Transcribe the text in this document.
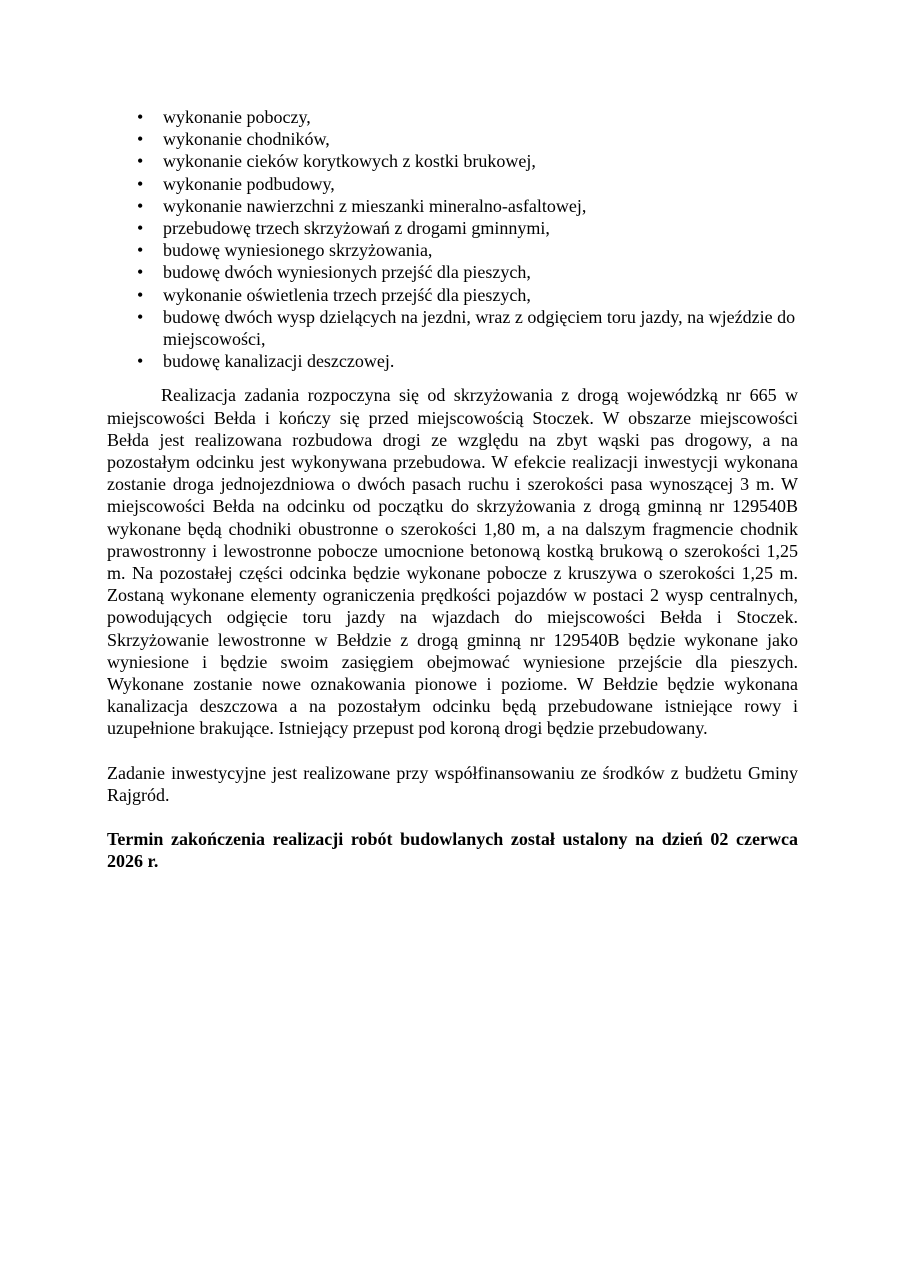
• wykonanie poboczy,
• wykonanie chodników,
• wykonanie cieków korytkowych z kostki brukowej,
• wykonanie podbudowy,
• wykonanie nawierzchni z mieszanki mineralno-asfaltowej,
• przebudowę trzech skrzyżowań z drogami gminnymi,
• budowę wyniesionego skrzyżowania,
• budowę dwóch wyniesionych przejść dla pieszych,
• wykonanie oświetlenia trzech przejść dla pieszych,
• budowę dwóch wysp dzielących na jezdni, wraz z odgięciem toru jazdy, na wjeździe do miejscowości,
• budowę kanalizacji deszczowej.

Realizacja zadania rozpoczyna się od skrzyżowania z drogą wojewódzką nr 665 w miejscowości Bełda i kończy się przed miejscowością Stoczek. W obszarze miejscowości Bełda jest realizowana rozbudowa drogi ze względu na zbyt wąski pas drogowy, a na pozostałym odcinku jest wykonywana przebudowa. W efekcie realizacji inwestycji wykonana zostanie droga jednojezdniowa o dwóch pasach ruchu i szerokości pasa wynoszącej 3 m. W miejscowości Bełda na odcinku od początku do skrzyżowania z drogą gminną nr 129540B wykonane będą chodniki obustronne o szerokości 1,80 m, a na dalszym fragmencie chodnik prawostronny i lewostronne pobocze umocnione betonową kostką brukową o szerokości 1,25 m. Na pozostałej części odcinka będzie wykonane pobocze z kruszywa o szerokości 1,25 m. Zostaną wykonane elementy ograniczenia prędkości pojazdów w postaci 2 wysp centralnych, powodujących odgięcie toru jazdy na wjazdach do miejscowości Bełda i Stoczek. Skrzyżowanie lewostronne w Bełdzie z drogą gminną nr 129540B będzie wykonane jako wyniesione i będzie swoim zasięgiem obejmować wyniesione przejście dla pieszych. Wykonane zostanie nowe oznakowania pionowe i poziome. W Bełdzie będzie wykonana kanalizacja deszczowa a na pozostałym odcinku będą przebudowane istniejące rowy i uzupełnione brakujące. Istniejący przepust pod koroną drogi będzie przebudowany.

Zadanie inwestycyjne jest realizowane przy współfinansowaniu ze środków z budżetu Gminy Rajgród.

Termin zakończenia realizacji robót budowlanych został ustalony na dzień 02 czerwca 2026 r.
